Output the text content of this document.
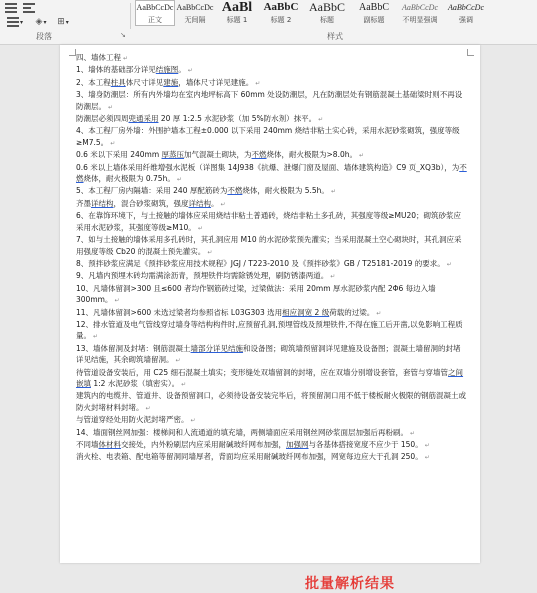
▾ ◈ ▾ ⊞ ▾
段落	↘
AaBbCcDc
正文
AaBbCcDc
无间隔
AaBl
标题 1
AaBbC
标题 2
AaBbC
标题
AaBbC
副标题
AaBbCcDc
不明显强调
AaBbCcDc
强调
样式

四、墙体工程 ↵

1、墙体的基础部分详见结施图。 ↵

2、本工程柱具体尺寸详见建施，墙体尺寸详见建施。 ↵

3、墙身防潮层：所有内外墙均在室内地坪标高下 60mm 处设防潮层，凡在防潮层处有钢筋混凝土基础梁时则不再设防潮层。 ↵

防潮层必须四周兜通采用 20 厚 1:2.5 水泥砂浆（加 5%防水剂）抹平。 ↵

4、本工程厂房外墙：外围护墙本工程±0.000 以下采用 240mm 烧结非粘土实心砖，采用水泥砂浆砌筑，强度等级≥M7.5。 ↵

0.6 米以下采用 240mm 厚蒸压加气混凝土砌块，为不燃烧体，耐火极限为>8.0h。 ↵

0.6 米以上墙体采用纤维增强水泥板（详图集 14J938《抗爆、泄爆门窗及屋面、墙体建筑构造》C9 页_XQ3b），为不燃烧体，耐火极限为 0.75h。 ↵

5、本工程厂房内隔墙：采用 240 厚配筋砖为不燃烧体，耐火极限为 5.5h。 ↵

齐墨详结构，混合砂浆砌筑，强度详结构。 ↵

6、在靠饰环境下，与土接触的墙体应采用烧结非粘土普通砖，烧结非粘土多孔砖，其强度等级≥MU20；砌筑砂浆应采用水泥砂浆，其强度等级≥M10。 ↵

7、如与土接触的墙体采用多孔砖时，其孔洞应用 M10 的水泥砂浆预先灌实；当采用混凝土空心砌块时，其孔洞应采用强度等级 Cb20 的混凝土预先灌实。 ↵

8、预拌砂浆应满足《预拌砂浆应用技术规程》JGJ / T223-2010 及《预拌砂浆》GB / T25181-2019 的要求。 ↵

9、凡墙内预埋木砖均需满涂沥青，预埋铁件均需除锈处理，刷防锈漆两道。 ↵

10、凡墙体留洞>300 且≤600 者均作钢筋砖过梁，过梁做法：采用 20mm 厚水泥砂浆内配 2Φ6 每边入墙 300mm。 ↵

11、凡墙体留洞>600 未选过梁者均参照省标 L03G303 选用相应洞宽 2 级荷载的过梁。 ↵

12、排水管道及电气管线穿过墙身等结构构件时,应预留孔洞,预埋管线及预埋铁件,不得在施工后开凿,以免影响工程质量。 ↵

13、墙体留洞及封堵：钢筋混凝土墙部分详见结施和设备图；砌筑墙预留洞详见建施及设备图；混凝土墙留洞的封堵详见结施，其余砌筑墙留洞。 ↵

待管道设备安装后，用 C25 细石混凝土填实；变形缝处双墙留洞的封堵，应在双墙分别增设套管，套管与穿墙管之间嵌填 1:2 水泥砂浆（填密实）。 ↵

建筑内的电缆井、管道井、设备预留洞口，必须待设备安装完毕后，将预留洞口用不低于楼板耐火极限的钢筋混凝土或防火封堵材料封堵。 ↵

与管道穿经处用防火泥封堵严密。 ↵

14、墙面钢丝网加强：楼梯间和人流通道的填充墙，两侧墙面应采用钢丝网砂浆面层加强后再粉刷。 ↵

不同墙体材料交接处，内外粉刷层内应采用耐碱玻纤网布加强，加强网与各基体搭接宽度不应少于 150。 ↵

消火栓、电表箱、配电箱等留洞同墙厚者，背面均应采用耐碱玻纤网布加强，网宽每边应大于孔洞 250。 ↵

批量解析结果
